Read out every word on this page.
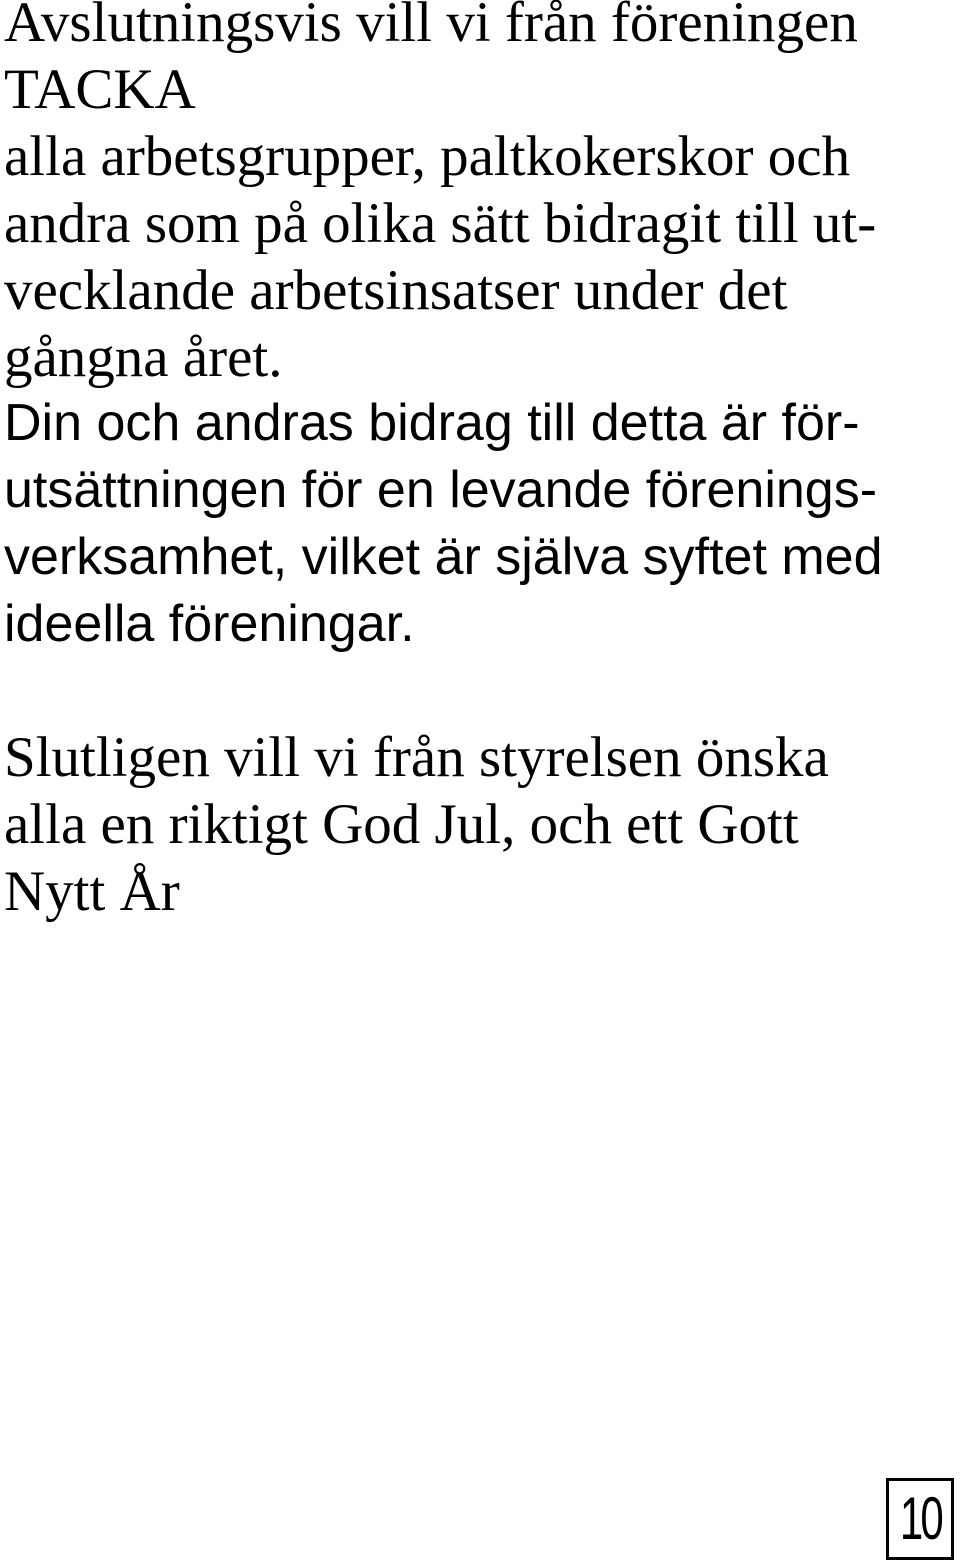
Avslutningsvis vill vi från föreningen
TACKA
alla arbetsgrupper, paltkokerskor och
andra som på olika sätt bidragit till ut-
vecklande arbetsinsatser under det
gångna året.
Din och andras bidrag till detta är för-
utsättningen för en levande förenings-
verksamhet, vilket är själva syftet med
ideella föreningar.
Slutligen vill vi från styrelsen önska
alla en riktigt God Jul, och ett Gott
Nytt År
10
